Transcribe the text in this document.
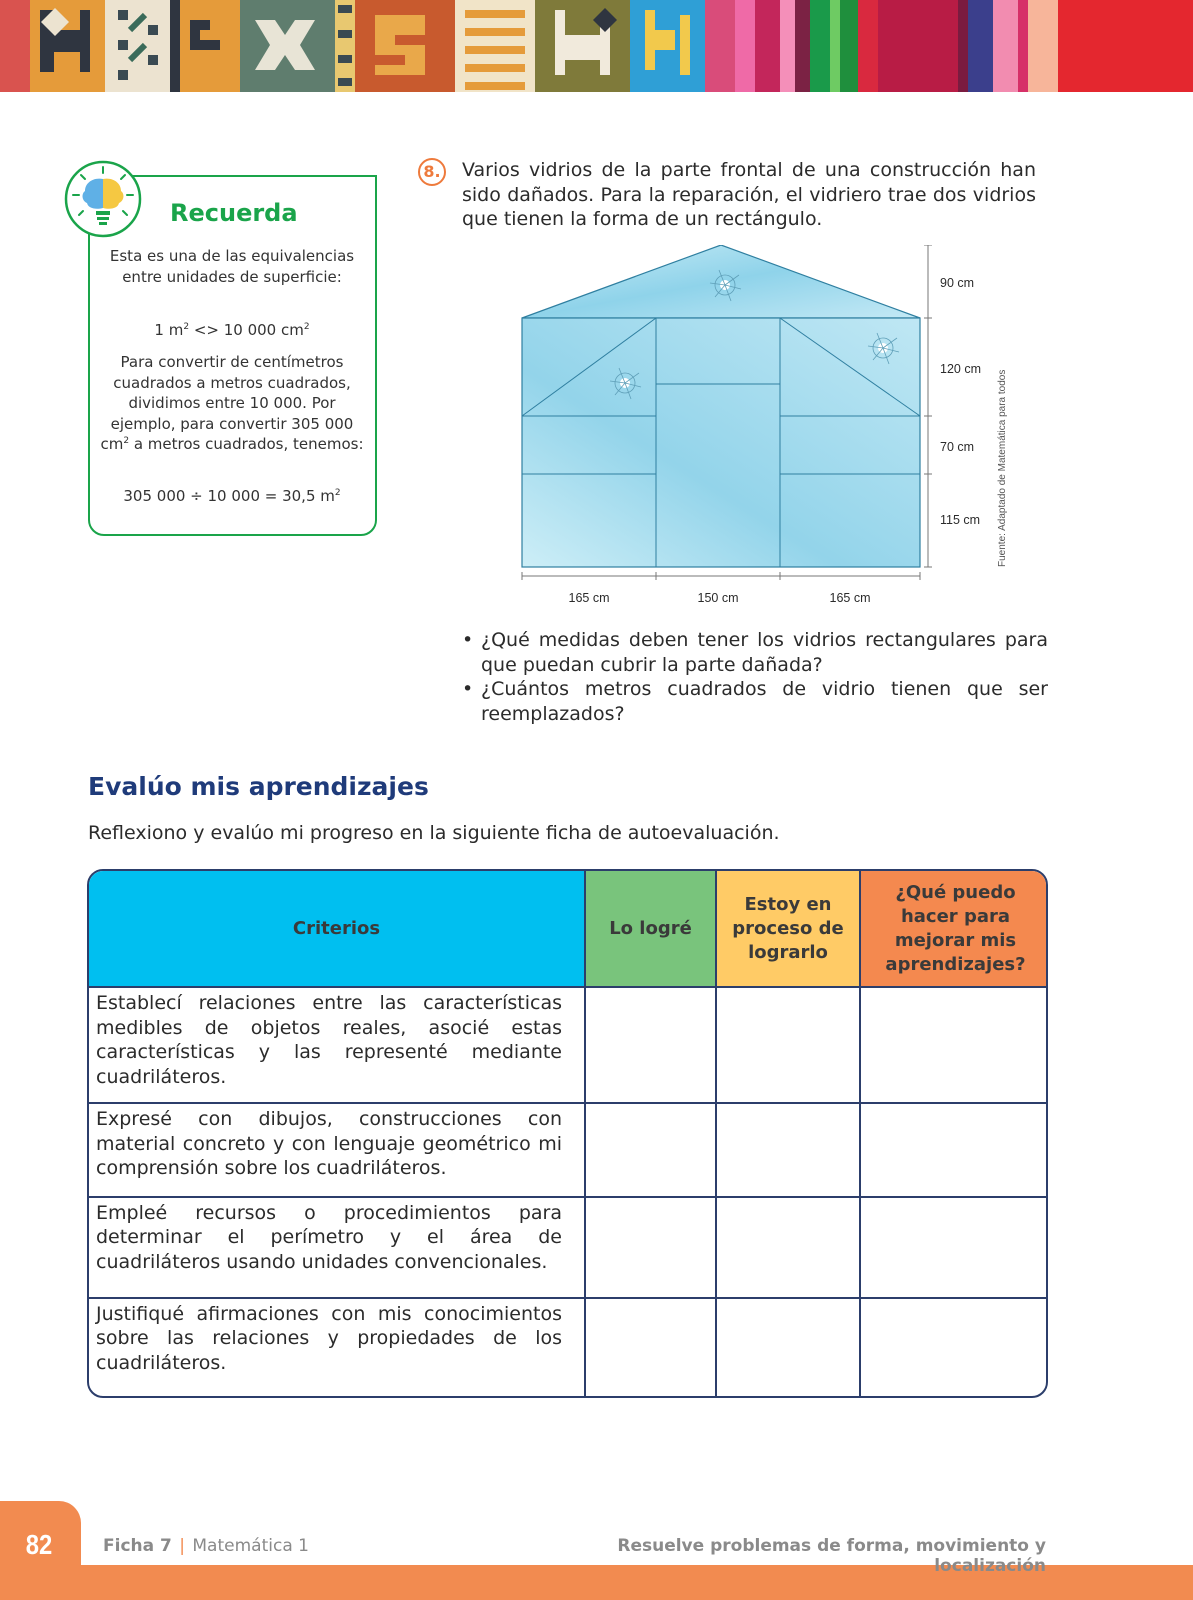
Recuerda
Esta es una de las equivalencias entre unidades de superficie:
1 $m^2 <> 10$ 000 $cm^2$
Para convertir de centímetros cuadrados a metros cuadrados, dividimos entre 10 000. Por ejemplo, para convertir 305 000 $cm^2$ a metros cuadrados, tenemos:
305 000 ÷ 10 000 = 30,5 $m^2$
8. Varios vidrios de la parte frontal de una construcción han sido dañados. Para la reparación, el vidriero trae dos vidrios que tienen la forma de un rectángulo.
90 cm
120 cm
70 cm
115 cm
165 cm	150 cm	165 cm
Fuente: Adaptado de Matemática para todos
• ¿Qué medidas deben tener los vidrios rectangulares para que puedan cubrir la parte dañada?
• ¿Cuántos metros cuadrados de vidrio tienen que ser reemplazados?
Evalúo mis aprendizajes
Reflexiono y evalúo mi progreso en la siguiente ficha de autoevaluación.
Criterios	Lo logré	Estoy en proceso de lograrlo	¿Qué puedo hacer para mejorar mis aprendizajes?
Establecí relaciones entre las características medibles de objetos reales, asocié estas características y las representé mediante cuadriláteros.			
Expresé con dibujos, construcciones con material concreto y con lenguaje geométrico mi comprensión sobre los cuadriláteros.			
Empleé recursos o procedimientos para determinar el perímetro y el área de cuadriláteros usando unidades convencionales.			
Justifiqué afirmaciones con mis conocimientos sobre las relaciones y propiedades de los cuadriláteros.			
82	Ficha 7 | Matemática 1	Resuelve problemas de forma, movimiento y localización
